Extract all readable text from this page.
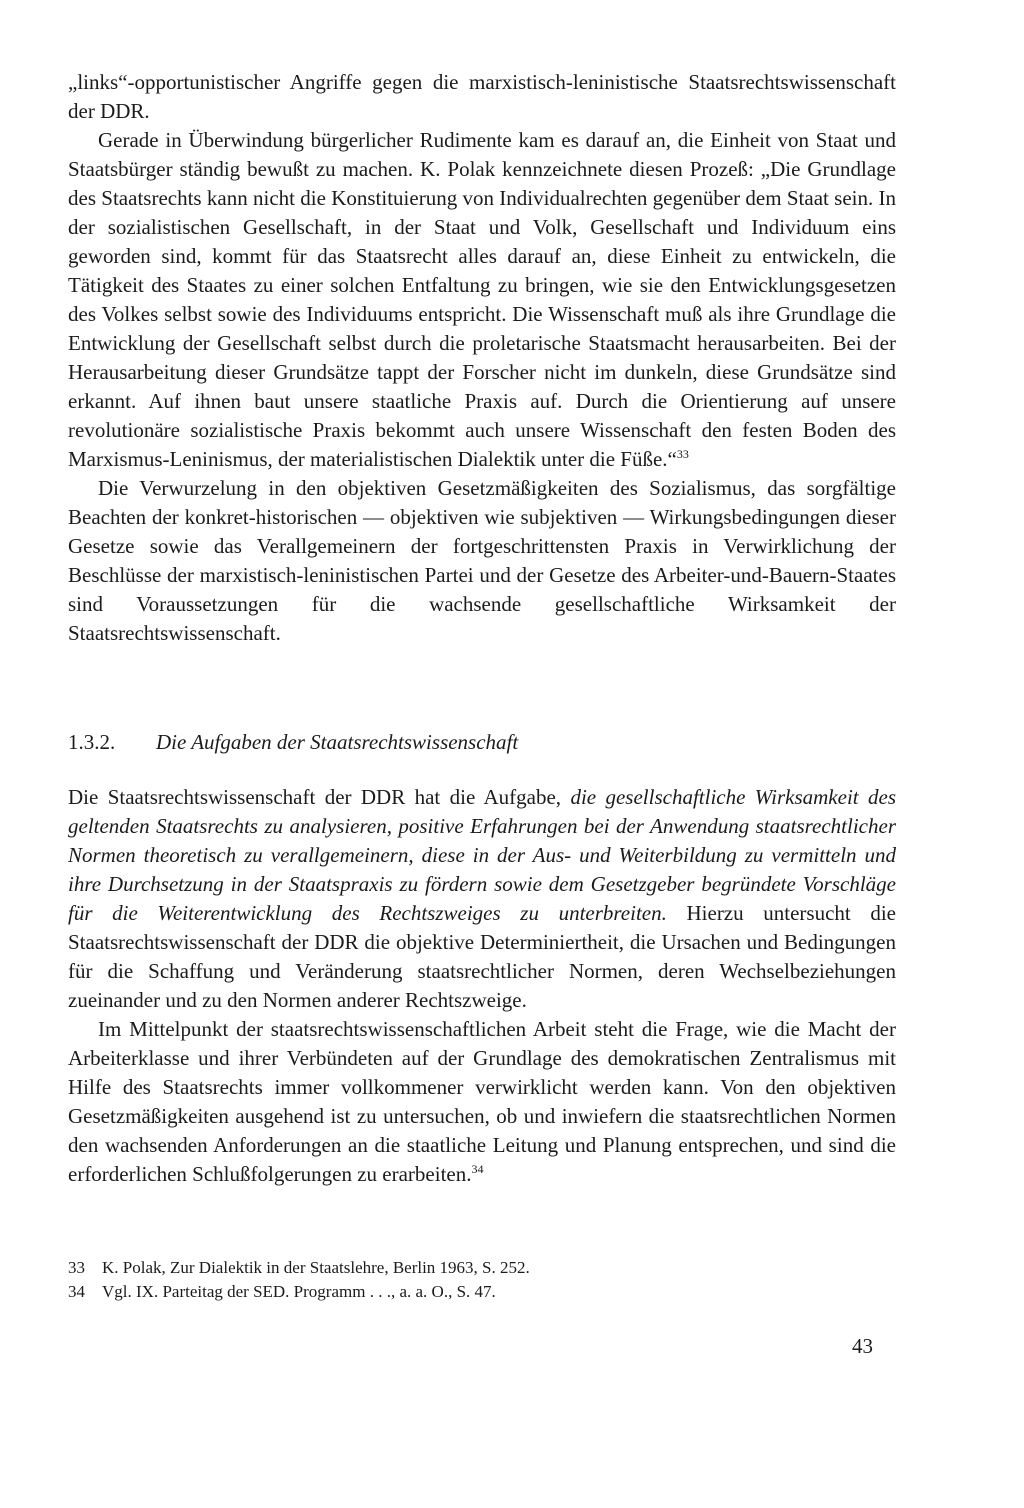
„links“-opportunistischer Angriffe gegen die marxistisch-leninistische Staatsrechtswissenschaft der DDR.

Gerade in Überwindung bürgerlicher Rudimente kam es darauf an, die Einheit von Staat und Staatsbürger ständig bewußt zu machen. K. Polak kennzeichnete diesen Prozeß: „Die Grundlage des Staatsrechts kann nicht die Konstituierung von Individualrechten gegenüber dem Staat sein. In der sozialistischen Gesellschaft, in der Staat und Volk, Gesellschaft und Individuum eins geworden sind, kommt für das Staatsrecht alles darauf an, diese Einheit zu entwickeln, die Tätigkeit des Staates zu einer solchen Entfaltung zu bringen, wie sie den Entwicklungsgesetzen des Volkes selbst sowie des Individuums entspricht. Die Wissenschaft muß als ihre Grundlage die Entwicklung der Gesellschaft selbst durch die proletarische Staatsmacht herausarbeiten. Bei der Herausarbeitung dieser Grundsätze tappt der Forscher nicht im dunkeln, diese Grundsätze sind erkannt. Auf ihnen baut unsere staatliche Praxis auf. Durch die Orientierung auf unsere revolutionäre sozialistische Praxis bekommt auch unsere Wissenschaft den festen Boden des Marxismus-Leninismus, der materialistischen Dialektik unter die Füße.“$^{33}$

Die Verwurzelung in den objektiven Gesetzmäßigkeiten des Sozialismus, das sorgfältige Beachten der konkret-historischen — objektiven wie subjektiven — Wirkungsbedingungen dieser Gesetze sowie das Verallgemeinern der fortgeschrittensten Praxis in Verwirklichung der Beschlüsse der marxistisch-leninistischen Partei und der Gesetze des Arbeiter-und-Bauern-Staates sind Voraussetzungen für die wachsende gesellschaftliche Wirksamkeit der Staatsrechtswissenschaft.

1.3.2. Die Aufgaben der Staatsrechtswissenschaft

Die Staatsrechtswissenschaft der DDR hat die Aufgabe, die gesellschaftliche Wirksamkeit des geltenden Staatsrechts zu analysieren, positive Erfahrungen bei der Anwendung staatsrechtlicher Normen theoretisch zu verallgemeinern, diese in der Aus- und Weiterbildung zu vermitteln und ihre Durchsetzung in der Staatspraxis zu fördern sowie dem Gesetzgeber begründete Vorschläge für die Weiterentwicklung des Rechtszweiges zu unterbreiten. Hierzu untersucht die Staatsrechtswissenschaft der DDR die objektive Determiniertheit, die Ursachen und Bedingungen für die Schaffung und Veränderung staatsrechtlicher Normen, deren Wechselbeziehungen zueinander und zu den Normen anderer Rechtszweige.

Im Mittelpunkt der staatsrechtswissenschaftlichen Arbeit steht die Frage, wie die Macht der Arbeiterklasse und ihrer Verbündeten auf der Grundlage des demokratischen Zentralismus mit Hilfe des Staatsrechts immer vollkommener verwirklicht werden kann. Von den objektiven Gesetzmäßigkeiten ausgehend ist zu untersuchen, ob und inwiefern die staatsrechtlichen Normen den wachsenden Anforderungen an die staatliche Leitung und Planung entsprechen, und sind die erforderlichen Schlußfolgerungen zu erarbeiten.$^{34}$

33 K. Polak, Zur Dialektik in der Staatslehre, Berlin 1963, S. 252.
34 Vgl. IX. Parteitag der SED. Programm . . ., a. a. O., S. 47.
43
